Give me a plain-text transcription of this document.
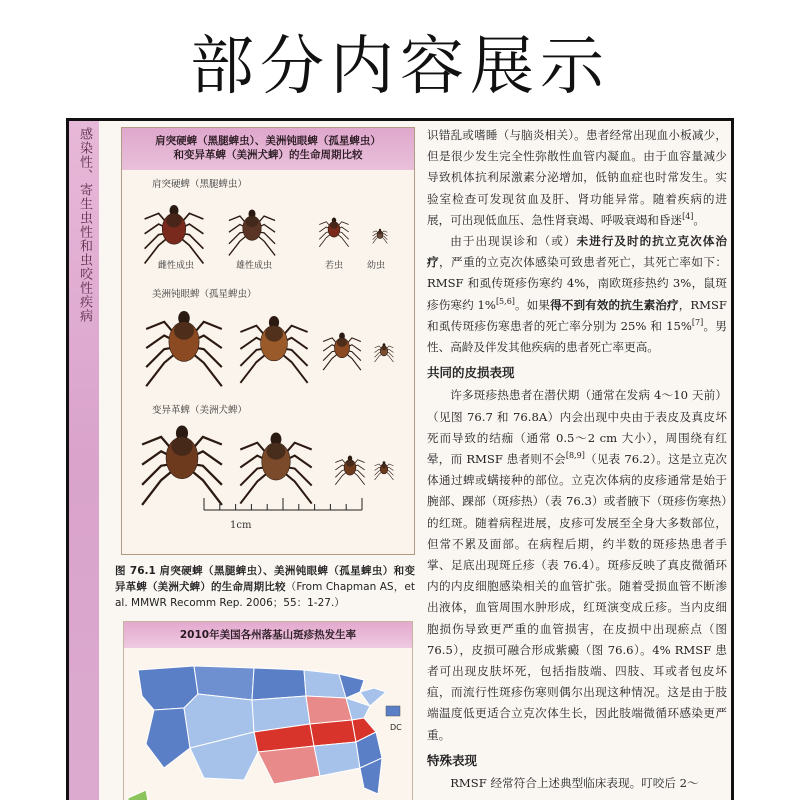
部分内容展示
感染性、寄生虫性和虫咬性疾病	肩突硬蜱（黑腿蜱虫）、美洲钝眼蜱（孤星蜱虫）
和变异革蜱（美洲犬蜱）的生命周期比较
肩突硬蜱（黑腿蜱虫）
美洲钝眼蜱（孤星蜱虫）
变异革蜱（美洲犬蜱）
雌性成虫	雄性成虫	若虫	幼虫
1cm
图 76.1 肩突硬蜱（黑腿蜱虫）、美洲钝眼蜱（孤星蜱虫）和变异革蜱（美洲犬蜱）的生命周期比较（From Chapman AS，et al. MMWR Recomm Rep. 2006；55：1-27.）
2010年美国各州落基山斑疹热发生率
DC

识错乱或嗜睡（与脑炎相关）。患者经常出现血小板减少，但是很少发生完全性弥散性血管内凝血。由于血容量减少导致机体抗利尿激素分泌增加，低钠血症也时常发生。实验室检查可发现贫血及肝、肾功能异常。随着疾病的进展，可出现低血压、急性肾衰竭、呼吸衰竭和昏迷[4]。

由于出现误诊和（或）未进行及时的抗立克次体治疗，严重的立克次体感染可致患者死亡，其死亡率如下：RMSF 和虱传斑疹伤寒约 4%，南欧斑疹热约 3%，鼠斑疹伤寒约 1%[5,6]。如果得不到有效的抗生素治疗，RMSF 和虱传斑疹伤寒患者的死亡率分别为 25% 和 15%[7]。男性、高龄及伴发其他疾病的患者死亡率更高。

共同的皮损表现

许多斑疹热患者在潜伏期（通常在发病 4～10 天前）（见图 76.7 和 76.8A）内会出现中央由于表皮及真皮坏死而导致的结痂（通常 0.5～2 cm 大小），周围绕有红晕，而 RMSF 患者则不会[8,9]（见表 76.2）。这是立克次体通过蜱或螨接种的部位。立克次体病的皮疹通常是始于腕部、踝部（斑疹热）（表 76.3）或者腋下（斑疹伤寒热）的红斑。随着病程进展，皮疹可发展至全身大多数部位，但常不累及面部。在病程后期，约半数的斑疹热患者手掌、足底出现斑丘疹（表 76.4）。斑疹反映了真皮微循环内的内皮细胞感染相关的血管扩张。随着受损血管不断渗出液体，血管周围水肿形成，红斑演变成丘疹。当内皮细胞损伤导致更严重的血管损害，在皮损中出现瘀点（图 76.5），皮损可融合形成紫癜（图 76.6）。4% RMSF 患者可出现皮肤坏死，包括指肢端、四肢、耳或者包皮坏疽，而流行性斑疹伤寒则偶尔出现这种情况。这是由于肢端温度低更适合立克次体生长，因此肢端微循环感染更严重。

特殊表现

RMSF 经常符合上述典型临床表现。叮咬后 2～
